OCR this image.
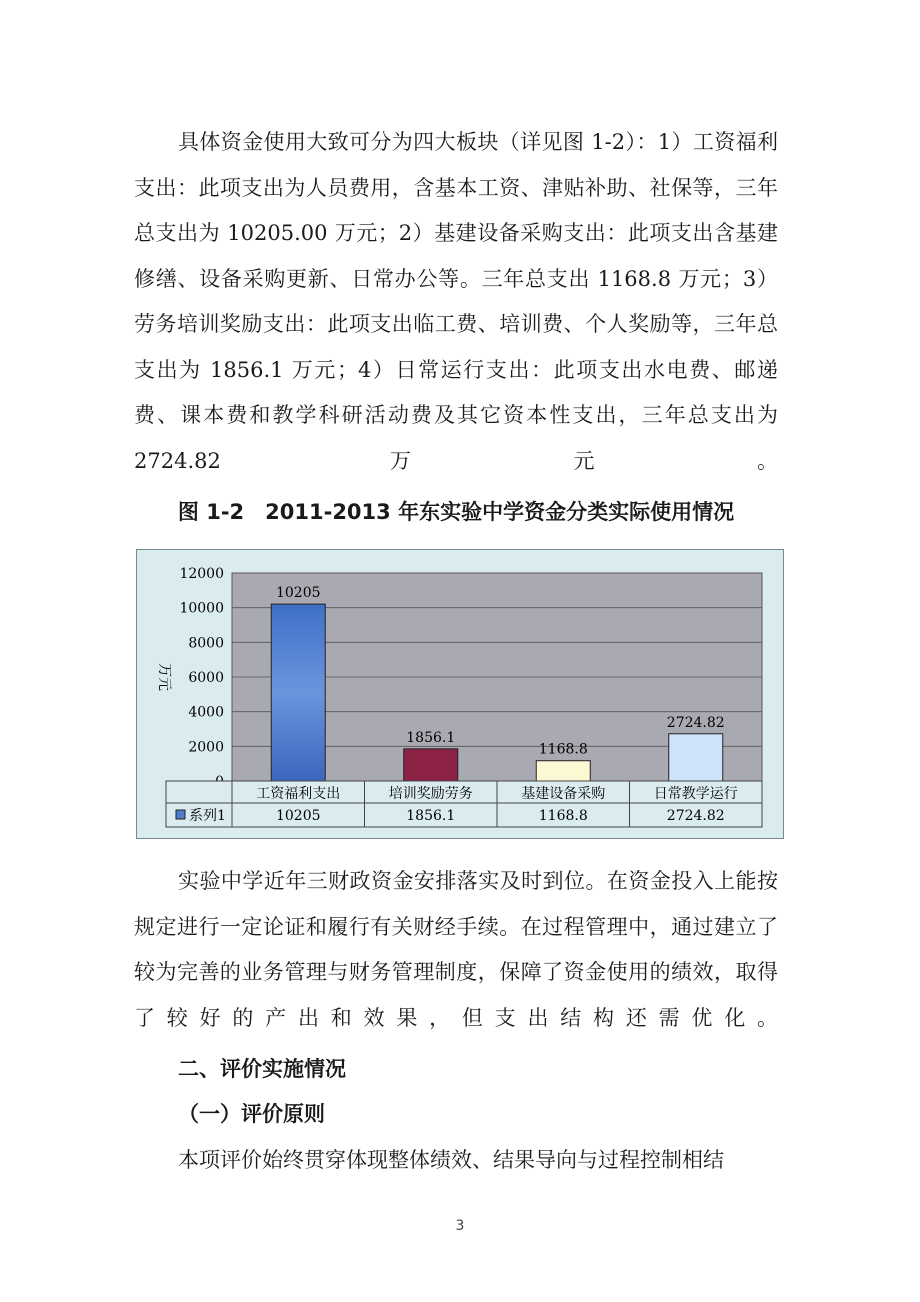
具体资金使用大致可分为四大板块（详见图 1-2）：1）工资福利支出：此项支出为人员费用，含基本工资、津贴补助、社保等，三年总支出为 10205.00 万元；2）基建设备采购支出：此项支出含基建修缮、设备采购更新、日常办公等。三年总支出 1168.8 万元；3）劳务培训奖励支出：此项支出临工费、培训费、个人奖励等，三年总支出为 1856.1 万元；4）日常运行支出：此项支出水电费、邮递费、课本费和教学科研活动费及其它资本性支出，三年总支出为 2724.82 万元。

图 1-2　2011-2013 年东实验中学资金分类实际使用情况
2000
4000
6000
8000
10000
12000
万元
10205
1856.1
1168.8
2724.82
工资福利支出
10205
培训奖励劳务
1856.1
基建设备采购
1168.8
日常教学运行
2724.82
系列1

实验中学近年三财政资金安排落实及时到位。在资金投入上能按规定进行一定论证和履行有关财经手续。在过程管理中，通过建立了较为完善的业务管理与财务管理制度，保障了资金使用的绩效，取得了较好的产出和效果，但支出结构还需优化。

二、评价实施情况
（一）评价原则

本项评价始终贯穿体现整体绩效、结果导向与过程控制相结

3
